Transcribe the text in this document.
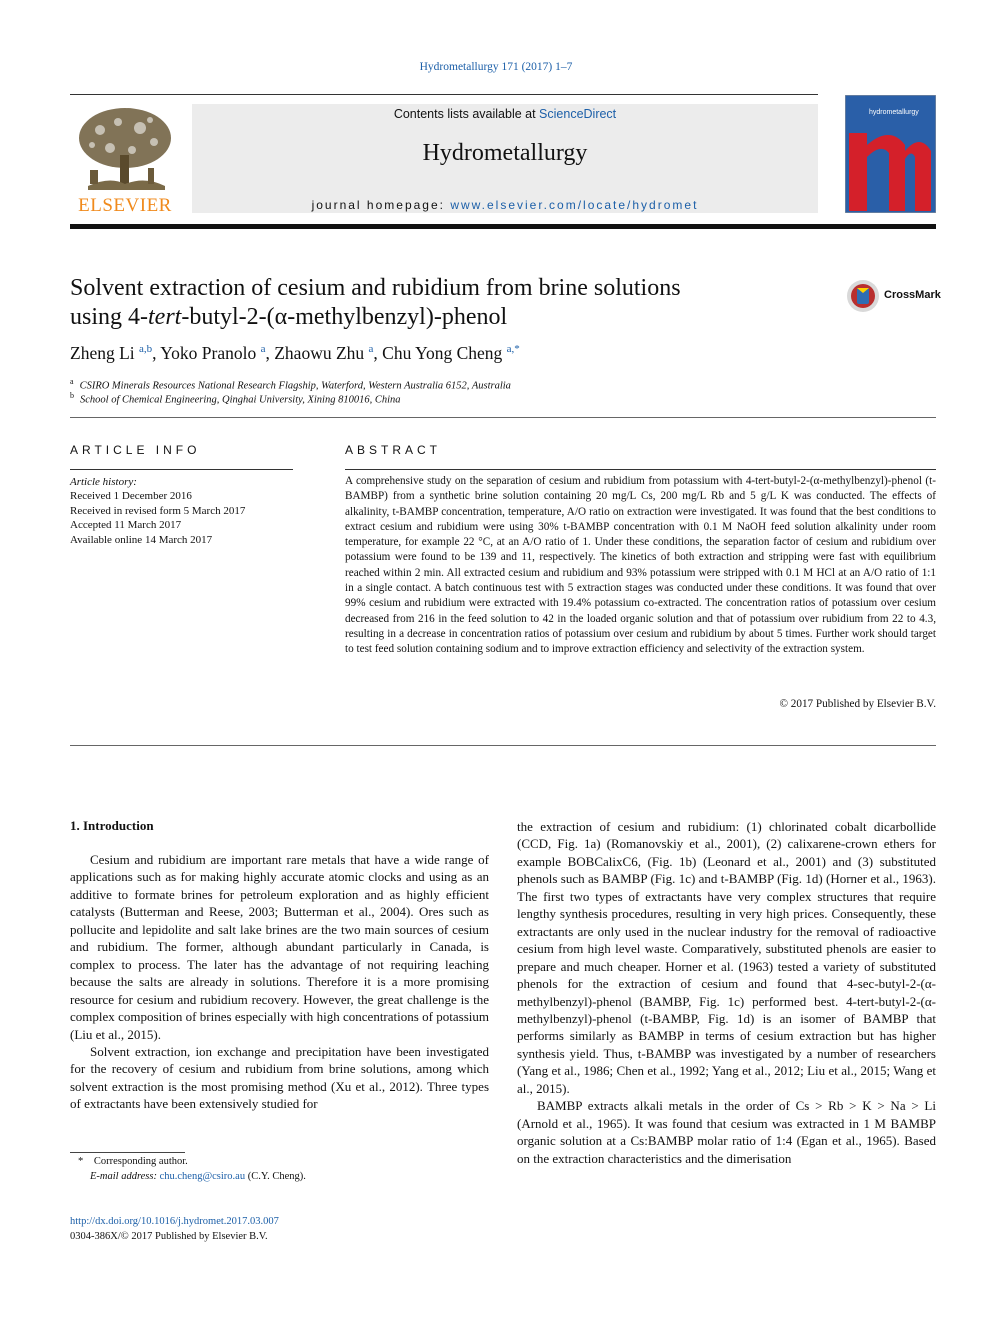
Hydrometallurgy 171 (2017) 1–7
ELSEVIER
Contents lists available at ScienceDirect
Hydrometallurgy
journal homepage: www.elsevier.com/locate/hydromet
hydrometallurgy
Solvent extraction of cesium and rubidium from brine solutions
using 4-tert-butyl-2-(α-methylbenzyl)-phenol
CrossMark
Zheng Li $^{a,b}$, Yoko Pranolo $^a$, Zhaowu Zhu $^a$, Chu Yong Cheng $^{a,*}$
$^a$ CSIRO Minerals Resources National Research Flagship, Waterford, Western Australia 6152, Australia
$^b$ School of Chemical Engineering, Qinghai University, Xining 810016, China
ARTICLE INFO
Article history:
Received 1 December 2016
Received in revised form 5 March 2017
Accepted 11 March 2017
Available online 14 March 2017
ABSTRACT
A comprehensive study on the separation of cesium and rubidium from potassium with 4-tert-butyl-2-(α-methylbenzyl)-phenol (t-BAMBP) from a synthetic brine solution containing 20 mg/L Cs, 200 mg/L Rb and 5 g/L K was conducted. The effects of alkalinity, t-BAMBP concentration, temperature, A/O ratio on extraction were investigated. It was found that the best conditions to extract cesium and rubidium were using 30% t-BAMBP concentration with 0.1 M NaOH feed solution alkalinity under room temperature, for example 22 °C, at an A/O ratio of 1. Under these conditions, the separation factor of cesium and rubidium over potassium were found to be 139 and 11, respectively. The kinetics of both extraction and stripping were fast with equilibrium reached within 2 min. All extracted cesium and rubidium and 93% potassium were stripped with 0.1 M HCl at an A/O ratio of 1:1 in a single contact. A batch continuous test with 5 extraction stages was conducted under these conditions. It was found that over 99% cesium and rubidium were extracted with 19.4% potassium co-extracted. The concentration ratios of potassium over cesium decreased from 216 in the feed solution to 42 in the loaded organic solution and that of potassium over rubidium from 22 to 4.3, resulting in a decrease in concentration ratios of potassium over cesium and rubidium by about 5 times. Further work should target to test feed solution containing sodium and to improve extraction efficiency and selectivity of the extraction system.
© 2017 Published by Elsevier B.V.
1. Introduction

Cesium and rubidium are important rare metals that have a wide range of applications such as for making highly accurate atomic clocks and using as an additive to formate brines for petroleum exploration and as highly efficient catalysts (Butterman and Reese, 2003; Butterman et al., 2004). Ores such as pollucite and lepidolite and salt lake brines are the two main sources of cesium and rubidium. The former, although abundant particularly in Canada, is complex to process. The later has the advantage of not requiring leaching because the salts are already in solutions. Therefore it is a more promising resource for cesium and rubidium recovery. However, the great challenge is the complex composition of brines especially with high concentrations of potassium (Liu et al., 2015).

Solvent extraction, ion exchange and precipitation have been investigated for the recovery of cesium and rubidium from brine solutions, among which solvent extraction is the most promising method (Xu et al., 2012). Three types of extractants have been extensively studied for

the extraction of cesium and rubidium: (1) chlorinated cobalt dicarbollide (CCD, Fig. 1a) (Romanovskiy et al., 2001), (2) calixarene-crown ethers for example BOBCalixC6, (Fig. 1b) (Leonard et al., 2001) and (3) substituted phenols such as BAMBP (Fig. 1c) and t-BAMBP (Fig. 1d) (Horner et al., 1963). The first two types of extractants have very complex structures that require lengthy synthesis procedures, resulting in very high prices. Consequently, these extractants are only used in the nuclear industry for the removal of radioactive cesium from high level waste. Comparatively, substituted phenols are easier to prepare and much cheaper. Horner et al. (1963) tested a variety of substituted phenols for the extraction of cesium and found that 4-sec-butyl-2-(α-methylbenzyl)-phenol (BAMBP, Fig. 1c) performed best. 4-tert-butyl-2-(α-methylbenzyl)-phenol (t-BAMBP, Fig. 1d) is an isomer of BAMBP that performs similarly as BAMBP in terms of cesium extraction but has higher synthesis yield. Thus, t-BAMBP was investigated by a number of researchers (Yang et al., 1986; Chen et al., 1992; Yang et al., 2012; Liu et al., 2015; Wang et al., 2015).

BAMBP extracts alkali metals in the order of Cs > Rb > K > Na > Li (Arnold et al., 1965). It was found that cesium was extracted in 1 M BAMBP organic solution at a Cs:BAMBP molar ratio of 1:4 (Egan et al., 1965). Based on the extraction characteristics and the dimerisation

* Corresponding author.
E-mail address: chu.cheng@csiro.au (C.Y. Cheng).
http://dx.doi.org/10.1016/j.hydromet.2017.03.007
0304-386X/© 2017 Published by Elsevier B.V.
